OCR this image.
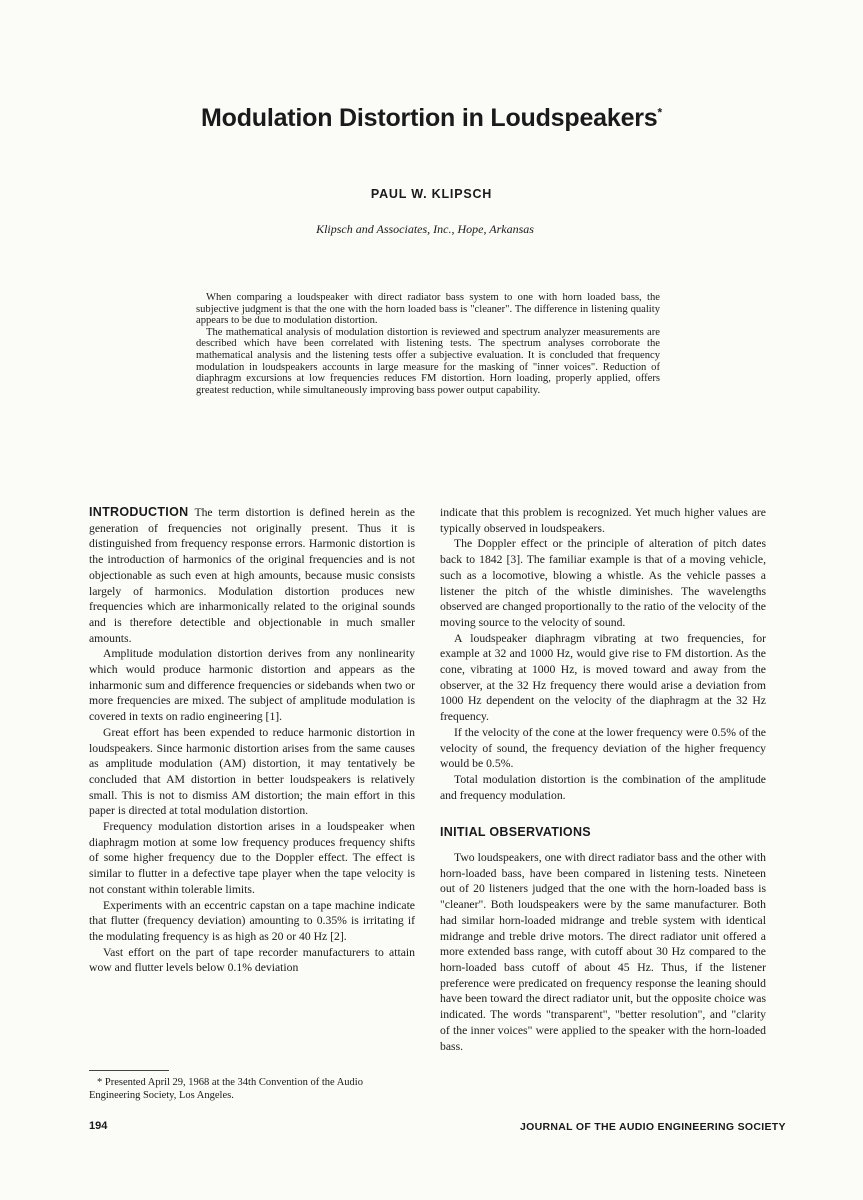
Modulation Distortion in Loudspeakers*
PAUL W. KLIPSCH
Klipsch and Associates, Inc., Hope, Arkansas

When comparing a loudspeaker with direct radiator bass system to one with horn loaded bass, the subjective judgment is that the one with the horn loaded bass is "cleaner". The difference in listening quality appears to be due to modulation distortion.

The mathematical analysis of modulation distortion is reviewed and spectrum analyzer measurements are described which have been correlated with listening tests. The spectrum analyses corroborate the mathematical analysis and the listening tests offer a subjective evaluation. It is concluded that frequency modulation in loudspeakers accounts in large measure for the masking of "inner voices". Reduction of diaphragm excursions at low frequencies reduces FM distortion. Horn loading, properly applied, offers greatest reduction, while simultaneously improving bass power output capability.

INTRODUCTION The term distortion is defined herein as the generation of frequencies not originally present. Thus it is distinguished from frequency response errors. Harmonic distortion is the introduction of harmonics of the original frequencies and is not objectionable as such even at high amounts, because music consists largely of harmonics. Modulation distortion produces new frequencies which are inharmonically related to the original sounds and is therefore detectible and objectionable in much smaller amounts.

Amplitude modulation distortion derives from any nonlinearity which would produce harmonic distortion and appears as the inharmonic sum and difference frequencies or sidebands when two or more frequencies are mixed. The subject of amplitude modulation is covered in texts on radio engineering [1].

Great effort has been expended to reduce harmonic distortion in loudspeakers. Since harmonic distortion arises from the same causes as amplitude modulation (AM) distortion, it may tentatively be concluded that AM distortion in better loudspeakers is relatively small. This is not to dismiss AM distortion; the main effort in this paper is directed at total modulation distortion.

Frequency modulation distortion arises in a loudspeaker when diaphragm motion at some low frequency produces frequency shifts of some higher frequency due to the Doppler effect. The effect is similar to flutter in a defective tape player when the tape velocity is not constant within tolerable limits.

Experiments with an eccentric capstan on a tape machine indicate that flutter (frequency deviation) amounting to 0.35% is irritating if the modulating frequency is as high as 20 or 40 Hz [2].

Vast effort on the part of tape recorder manufacturers to attain wow and flutter levels below 0.1% deviation

indicate that this problem is recognized. Yet much higher values are typically observed in loudspeakers.

The Doppler effect or the principle of alteration of pitch dates back to 1842 [3]. The familiar example is that of a moving vehicle, such as a locomotive, blowing a whistle. As the vehicle passes a listener the pitch of the whistle diminishes. The wavelengths observed are changed proportionally to the ratio of the velocity of the moving source to the velocity of sound.

A loudspeaker diaphragm vibrating at two frequencies, for example at 32 and 1000 Hz, would give rise to FM distortion. As the cone, vibrating at 1000 Hz, is moved toward and away from the observer, at the 32 Hz frequency there would arise a deviation from 1000 Hz dependent on the velocity of the diaphragm at the 32 Hz frequency.

If the velocity of the cone at the lower frequency were 0.5% of the velocity of sound, the frequency deviation of the higher frequency would be 0.5%.

Total modulation distortion is the combination of the amplitude and frequency modulation.

INITIAL OBSERVATIONS

Two loudspeakers, one with direct radiator bass and the other with horn-loaded bass, have been compared in listening tests. Nineteen out of 20 listeners judged that the one with the horn-loaded bass is "cleaner". Both loudspeakers were by the same manufacturer. Both had similar horn-loaded midrange and treble system with identical midrange and treble drive motors. The direct radiator unit offered a more extended bass range, with cutoff about 30 Hz compared to the horn-loaded bass cutoff of about 45 Hz. Thus, if the listener preference were predicated on frequency response the leaning should have been toward the direct radiator unit, but the opposite choice was indicated. The words "transparent", "better resolution", and "clarity of the inner voices" were applied to the speaker with the horn-loaded bass.

* Presented April 29, 1968 at the 34th Convention of the Audio Engineering Society, Los Angeles.

194	JOURNAL OF THE AUDIO ENGINEERING SOCIETY
